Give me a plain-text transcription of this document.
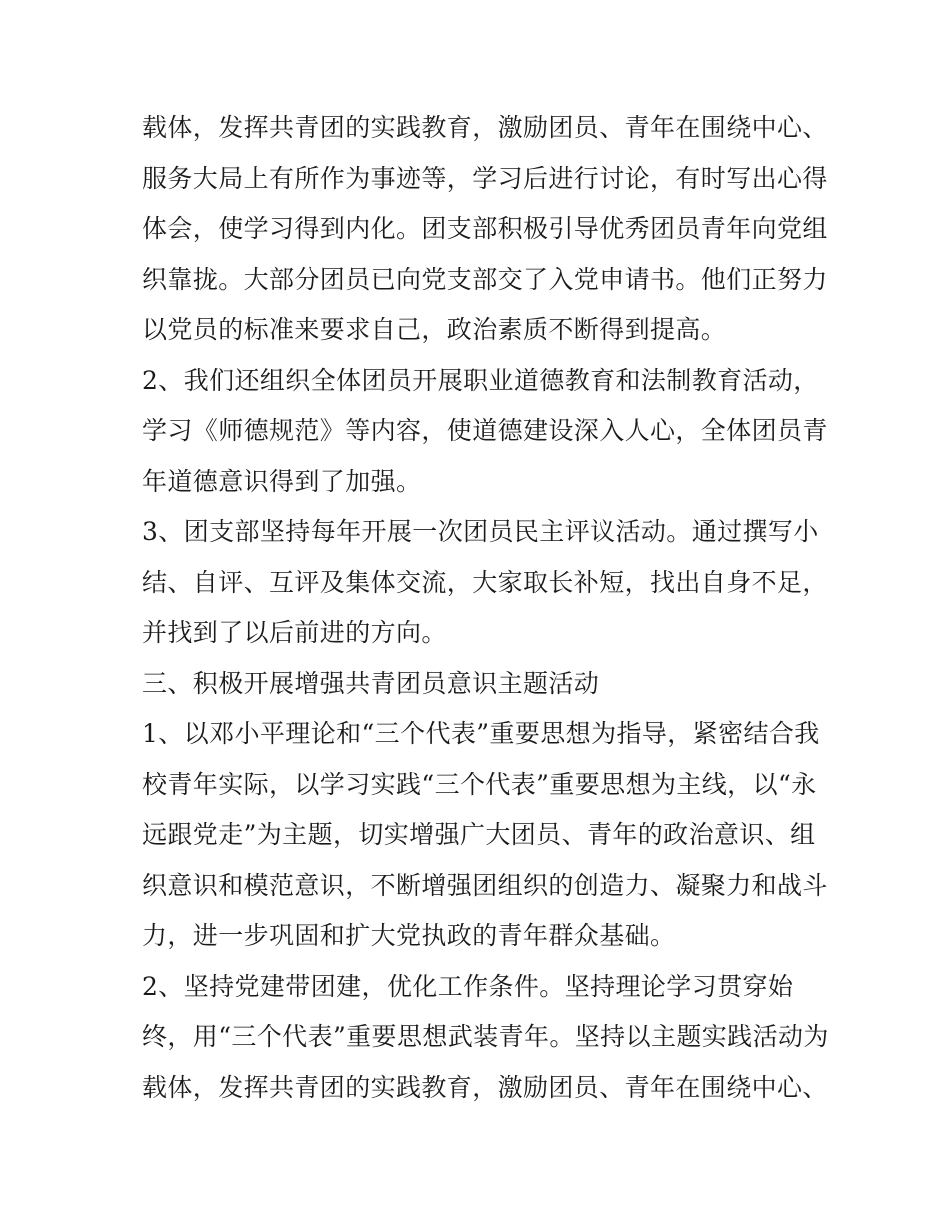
载体，发挥共青团的实践教育，激励团员、青年在围绕中心、
服务大局上有所作为事迹等，学习后进行讨论，有时写出心得
体会，使学习得到内化。团支部积极引导优秀团员青年向党组
织靠拢。大部分团员已向党支部交了入党申请书。他们正努力
以党员的标准来要求自己，政治素质不断得到提高。
2、我们还组织全体团员开展职业道德教育和法制教育活动，
学习《师德规范》等内容，使道德建设深入人心，全体团员青
年道德意识得到了加强。
3、团支部坚持每年开展一次团员民主评议活动。通过撰写小
结、自评、互评及集体交流，大家取长补短，找出自身不足，
并找到了以后前进的方向。
三、积极开展增强共青团员意识主题活动
1、以邓小平理论和“三个代表”重要思想为指导，紧密结合我
校青年实际，以学习实践“三个代表”重要思想为主线，以“永
远跟党走”为主题，切实增强广大团员、青年的政治意识、组
织意识和模范意识，不断增强团组织的创造力、凝聚力和战斗
力，进一步巩固和扩大党执政的青年群众基础。
2、坚持党建带团建，优化工作条件。坚持理论学习贯穿始
终，用“三个代表”重要思想武装青年。坚持以主题实践活动为
载体，发挥共青团的实践教育，激励团员、青年在围绕中心、
